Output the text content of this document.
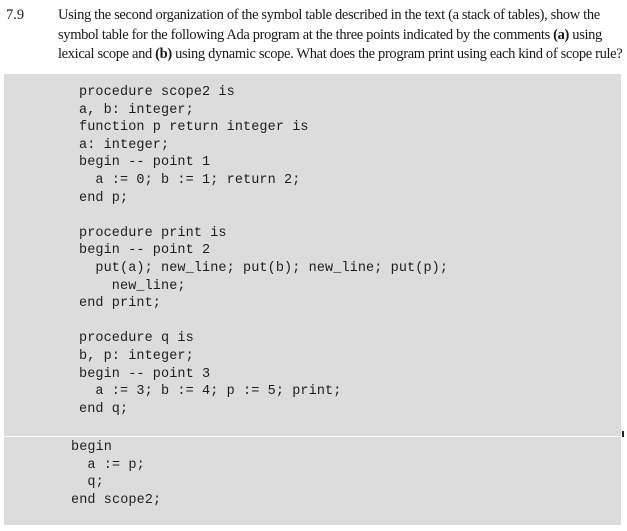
7.9 Using the second organization of the symbol table described in the text (a stack of tables), show the
symbol table for the following Ada program at the three points indicated by the comments (a) using
lexical scope and (b) using dynamic scope. What does the program print using each kind of scope rule?

procedure scope2 is
a, b: integer;
function p return integer is
a: integer;
begin -- point 1
a := 0; b := 1; return 2;
end p;
procedure print is
begin -- point 2
put(a); new_line; put(b); new_line; put(p);
new_line;
end print;
procedure q is
b, p: integer;
begin -- point 3
a := 3; b := 4; p := 5; print;
end q;
begin
a := p;
q;
end scope2;
